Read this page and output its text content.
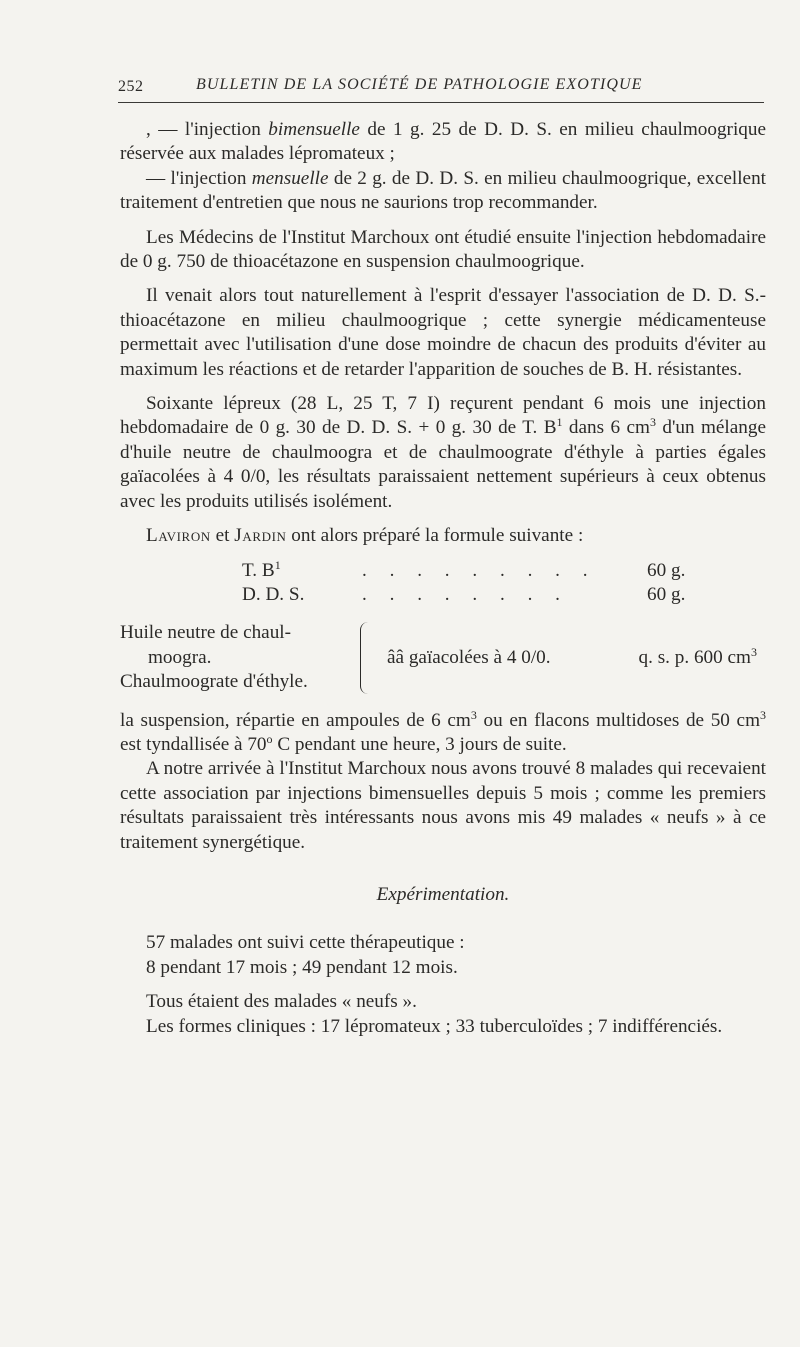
252	BULLETIN DE LA SOCIÉTÉ DE PATHOLOGIE EXOTIQUE

, — l'injection bimensuelle de 1 g. 25 de D. D. S. en milieu chaulmoogrique réservée aux malades lépromateux ;

— l'injection mensuelle de 2 g. de D. D. S. en milieu chaulmoogrique, excellent traitement d'entretien que nous ne saurions trop recommander.

Les Médecins de l'Institut Marchoux ont étudié ensuite l'injection hebdomadaire de 0 g. 750 de thioacétazone en suspension chaulmoogrique.

Il venait alors tout naturellement à l'esprit d'essayer l'association de D. D. S.-thioacétazone en milieu chaulmoogrique ; cette synergie médicamenteuse permettait avec l'utilisation d'une dose moindre de chacun des produits d'éviter au maximum les réactions et de retarder l'apparition de souches de B. H. résistantes.

Soixante lépreux (28 L, 25 T, 7 I) reçurent pendant 6 mois une injection hebdomadaire de 0 g. 30 de D. D. S. + 0 g. 30 de T. $B^1$ dans 6 $cm^3$ d'un mélange d'huile neutre de chaulmoogra et de chaulmoograte d'éthyle à parties égales gaïacolées à 4 0/0, les résultats paraissaient nettement supérieurs à ceux obtenus avec les produits utilisés isolément.

Laviron et Jardin ont alors préparé la formule suivante :

T. $B^1$	. . . . . . . . .	60 g.
D. D. S.	. . . . . . . .	60 g.
Huile neutre de chaul-
moogra.
Chaulmoograte d'éthyle.
ââ gaïacolées à 4 0/0.	q. s. p. 600 $cm^3$

la suspension, répartie en ampoules de 6 $cm^3$ ou en flacons multidoses de 50 $cm^3$ est tyndallisée à 70$^o$ C pendant une heure, 3 jours de suite.

A notre arrivée à l'Institut Marchoux nous avons trouvé 8 malades qui recevaient cette association par injections bimensuelles depuis 5 mois ; comme les premiers résultats paraissaient très intéressants nous avons mis 49 malades « neufs » à ce traitement synergétique.

Expérimentation.

57 malades ont suivi cette thérapeutique :

8 pendant 17 mois ; 49 pendant 12 mois.

Tous étaient des malades « neufs ».

Les formes cliniques : 17 lépromateux ; 33 tuberculoïdes ; 7 indifférenciés.
